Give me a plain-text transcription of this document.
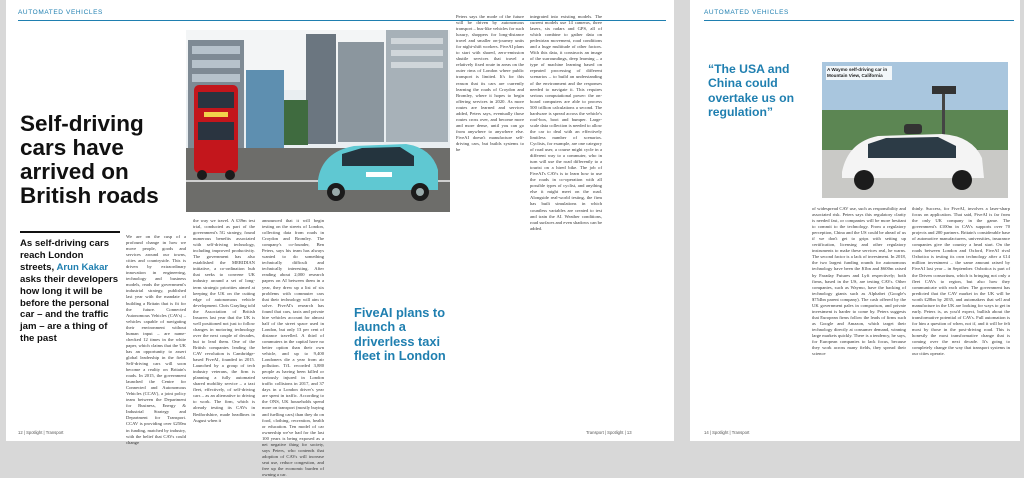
AUTOMATED VEHICLES
Self-driving cars have arrived on British roads
As self-driving cars reach London streets, Arun Kakar asks their developers how long it will be before the personal car – and the traffic jam – are a thing of the past

We are on the cusp of a profound change in how we move people, goods and services around our towns, cities and countryside. This is driven by extraordinary innovation in engineering, technology and business models, reads the government's industrial strategy, published last year with the mandate of building a Britain that is fit for the future. Connected Autonomous Vehicles (CAVs) – vehicles capable of navigating their environment without human input – are name-checked 12 times in the white paper, which claims that the UK has an opportunity to assert global leadership in the field. Self-driving cars will soon become a reality on Britain's roads. In 2015, the government launched the Centre for Connected and Autonomous Vehicles (CCAV), a joint policy team between the Department for Business, Energy & Industrial Strategy and Department for Transport. CCAV is providing over £250m in funding, matched by industry, with the belief that CAVs could change

the way we travel. A £39m test trial, conducted as part of the government's 5G strategy, found numerous benefits associated with self-driving technology, including improved productivity. The government has also established the MERIDIAN initiative, a co-ordination hub that seeks to convene UK industry around a set of long-term strategic priorities aimed at keeping the UK on the cutting edge of autonomous vehicle development. Chris Grayling told the Association of British Insurers last year that the UK is well positioned not just to follow changes in motoring technology over the next couple of decades, but to lead them. One of the British companies leading the CAV revolution is Cambridge-based FiveAI, founded in 2015. Launched by a group of tech industry veterans, the firm is planning a fully automated shared mobility service – a taxi fleet, effectively, of self-driving cars – as an alternative to driving to work. The firm, which is already testing its CAVs in Bedfordshire, made headlines in August when it

announced that it will begin testing on the streets of London, collecting data from roads in Croydon and Bromley. The company's co-founder, Ben Peters, says his team has always wanted to do something technically difficult and technically interesting. After reading about 2,000 research papers on AI between them in a year, they drew up a list of six problems with commuter cars that their technology will aim to solve. FiveAI's research has found that cars, taxis and private hire vehicles account for almost half of the street space used in London, but only 13 per cent of distance travelled. A third of commuters in the capital have no better option than their own vehicle, and up to 9,400 Londoners die a year from air pollution. TfL recorded 3,880 people as having been killed or seriously injured in London traffic collisions in 2017, and 37 days in a London driver's year are spent in traffic. According to the ONS, UK households spend more on transport (mostly buying and fuelling cars) than they do on food, clothing, recreation, health or education. Ten model of car ownership we've had for the last 100 years is being exposed as a net negative thing for society, says Peters, who contends that adoption of CAVs will increase seat use, reduce congestion, and free up the economic burden of owning a car.

Peters says the mode of the future will be driven by autonomous transport – bus-like vehicles for such luxury, shoppers for long-distance travel and smaller on-journey units for night-shift workers. FiveAI plans to start with shared, zero-emission shuttle services that travel a relatively fixed route in areas on the outer rims of London where public transport is limited. It's for this reason that its cars are currently learning the roads of Croydon and Bromley, where it hopes to begin offering services in 2020. As more routes are learned and services added, Peters says, eventually those routes cross over, and become more and more dense, until you can go from anywhere to anywhere else. FiveAI doesn't manufacture self-driving cars, but builds systems to be

integrated into existing models. The current models use 14 cameras, three lasers, six radars and GPS, all of which combine to gather data on pedestrian movement, road conditions and a huge multitude of other factors. With this data, it constructs an image of the surroundings, deep learning – a type of machine learning based on repeated processing of different scenarios – to build an understanding of the environment and the responses needed to navigate it. This requires serious computational power: the on-board computers are able to process 500 trillion calculations a second. The hardware is spread across the vehicle's roof-box, boot and bumper. Large-scale data collection is needed to allow the car to deal with an effectively limitless number of scenarios. Cyclists, for example, are one category of road user, a course might cycle in a different way to a commuter, who in turn will use the road differently to a tourist on a hired bike. The job of FiveAI's CAVs is to learn how to use the roads in co-operation with all possible types of cyclist, and anything else it might meet on the road. Alongside real-world testing, the firm has built simulations in which countless variables are created to test and train the AI. Weather conditions, road surfaces and even shadows can be added.

FiveAI plans to launch a driverless taxi fleet in London
12 | Spotlight | Transport	Transport | Spotlight | 13
AUTOMATED VEHICLES
“The USA and China could overtake us on regulation”
A Waymo self-driving car in Mountain View, California

of widespread CAV use, such as responsibility and associated risk. Peters says this regulatory clarity is needed fast, or companies will be more hesitant to commit to the technology. From a regulatory perception, China and the US could be ahead of us if we don't get to grips with setting up certification, licensing and other regulatory instruments to make these services real, he warns. The second factor is a lack of investment. In 2018, the two largest funding rounds for autonomous technology have been the $1bn and $600m raised by Faraday Futures and Lyft respectively; both firms, based in the US, are testing CAVs. Other companies, such as Waymo, have the backing of technology giants such as Alphabet (Google's $754bn parent company). The cash offered by the UK government pales in comparison, and private investment is harder to come by. Peters suggests that European firms follow the leads of firms such as Google and Amazon, which target their technology directly at consumer demand, winning large markets quickly. There is a tendency, he says, for European companies to lack focus, because they work across many fields, they spread their science

thinly. Success, for FiveAI, involves a laser-sharp focus on application. That said, FiveAI is far from the only UK company in the game. The government's £100m in CAVs supports over 70 projects and 200 partners. Britain's considerable base of automotive manufacturers, universities, insurance companies give the country a head start. On the roads between London and Oxford, FiveAI rival Oxbotica is testing its own technology after a £14 million investment – the same amount raised by FiveAI last year – in September. Oxbotica is part of the Driven consortium, which is bringing not only a fleet CAVs to region, but also how they communicate with each other. The government has predicted that the CAV market in the UK will be worth £28bn by 2035, and automakers that sell and manufacture in the UK are looking for ways to get in early. Peters is, as you'd expect, bullish about the transformative potential of CAVs. Full automation is for him a question of when, not if, and it will be felt most by those in the post-driving road. This is honestly the most transformative change that is coming over the next decade. It's going to completely change the way that transport systems in our cities operate.

14 | Spotlight | Transport
